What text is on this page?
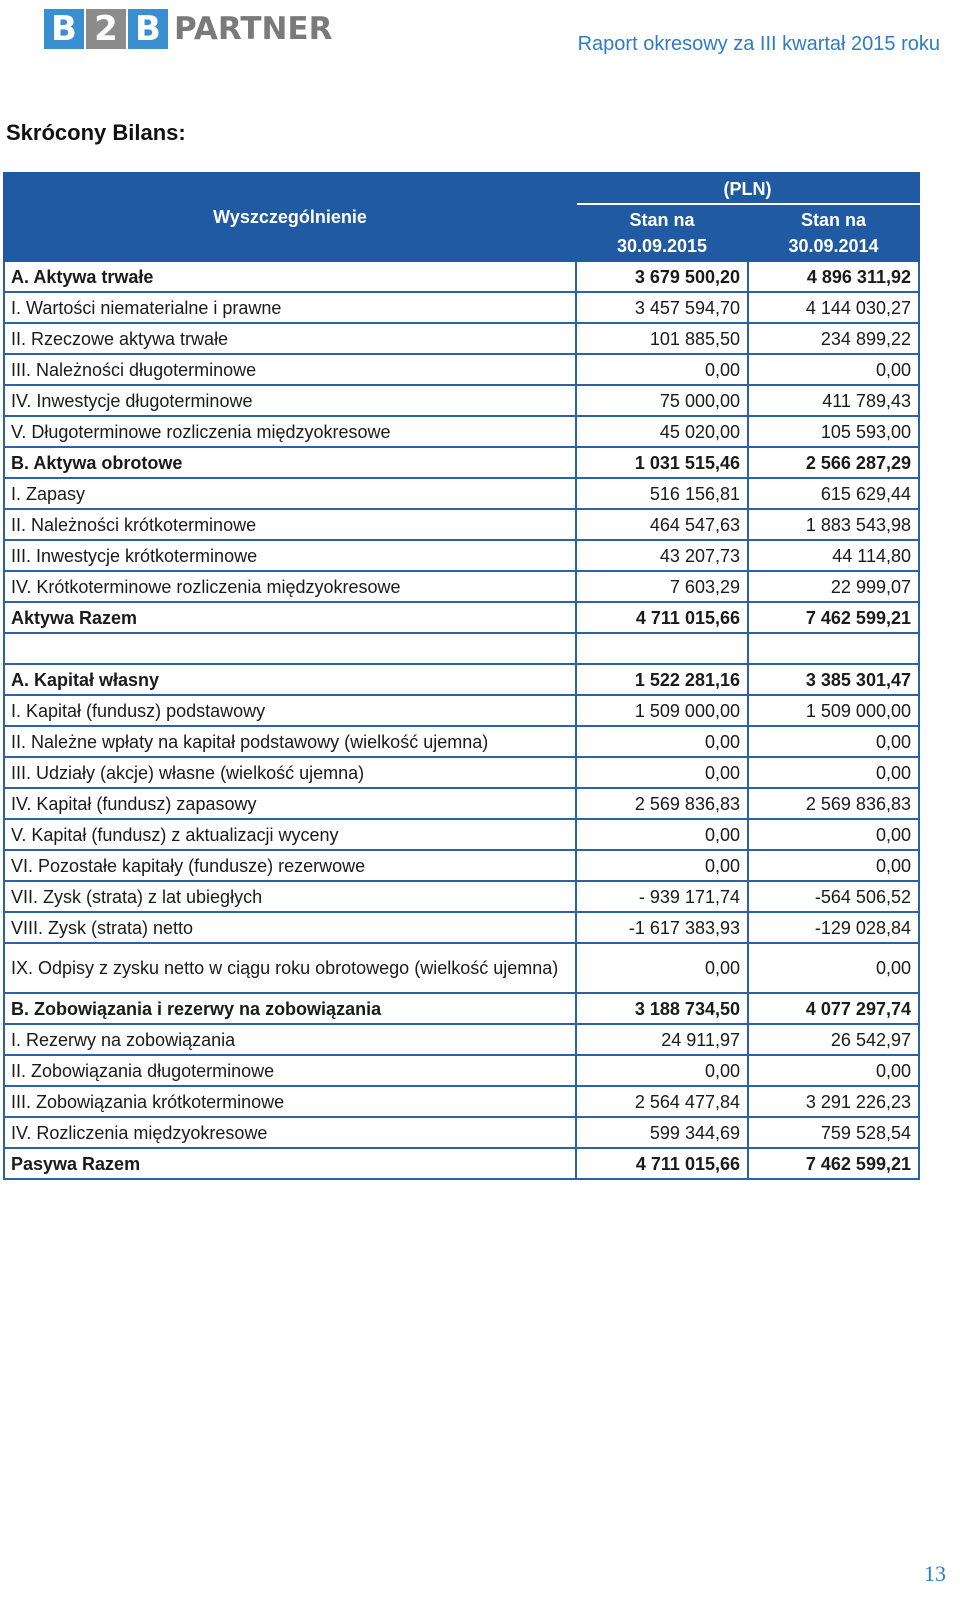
B 2 B PARTNER	Raport okresowy za III kwartał 2015 roku
Skrócony Bilans:
Wyszczególnienie	(PLN)	
	Stan na 30.09.2015	Stan na 30.09.2014
A. Aktywa trwałe	3 679 500,20	4 896 311,92
I. Wartości niematerialne i prawne	3 457 594,70	4 144 030,27
II. Rzeczowe aktywa trwałe	101 885,50	234 899,22
III. Należności długoterminowe	0,00	0,00
IV. Inwestycje długoterminowe	75 000,00	411 789,43
V. Długoterminowe rozliczenia międzyokresowe	45 020,00	105 593,00
B. Aktywa obrotowe	1 031 515,46	2 566 287,29
I. Zapasy	516 156,81	615 629,44
II. Należności krótkoterminowe	464 547,63	1 883 543,98
III. Inwestycje krótkoterminowe	43 207,73	44 114,80
IV. Krótkoterminowe rozliczenia międzyokresowe	7 603,29	22 999,07
Aktywa Razem	4 711 015,66	7 462 599,21

A. Kapitał własny	1 522 281,16	3 385 301,47
I. Kapitał (fundusz) podstawowy	1 509 000,00	1 509 000,00
II. Należne wpłaty na kapitał podstawowy (wielkość ujemna)	0,00	0,00
III. Udziały (akcje) własne (wielkość ujemna)	0,00	0,00
IV. Kapitał (fundusz) zapasowy	2 569 836,83	2 569 836,83
V. Kapitał (fundusz) z aktualizacji wyceny	0,00	0,00
VI. Pozostałe kapitały (fundusze) rezerwowe	0,00	0,00
VII. Zysk (strata) z lat ubiegłych	- 939 171,74	-564 506,52
VIII. Zysk (strata) netto	-1 617 383,93	-129 028,84
IX. Odpisy z zysku netto w ciągu roku obrotowego (wielkość ujemna)	0,00	0,00
B. Zobowiązania i rezerwy na zobowiązania	3 188 734,50	4 077 297,74
I. Rezerwy na zobowiązania	24 911,97	26 542,97
II. Zobowiązania długoterminowe	0,00	0,00
III. Zobowiązania krótkoterminowe	2 564 477,84	3 291 226,23
IV. Rozliczenia międzyokresowe	599 344,69	759 528,54
Pasywa Razem	4 711 015,66	7 462 599,21
13
